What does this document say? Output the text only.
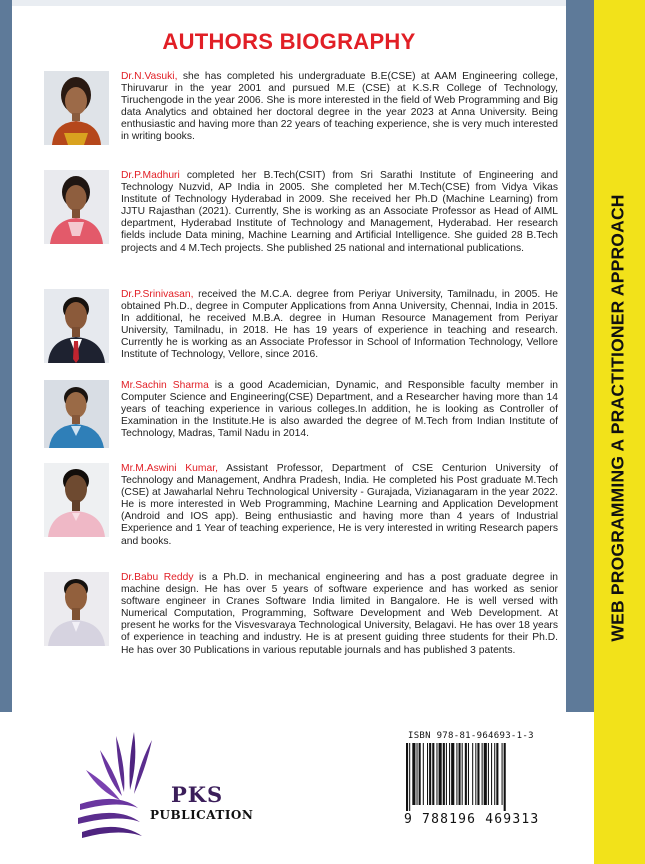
WEB PROGRAMMING A PRACTITIONER APPROACH
AUTHORS BIOGRAPHY
Dr.N.Vasuki, she has completed his undergraduate B.E(CSE) at AAM Engineering college, Thiruvarur in the year 2001 and pursued M.E (CSE) at K.S.R College of Technology, Tiruchengode in the year 2006. She is more interested in the field of Web Programming and Big data Analytics and obtained her doctoral degree in the year 2023 at Anna University. Being enthusiastic and having more than 22 years of teaching experience, she is very much interested in writing books.
Dr.P.Madhuri completed her B.Tech(CSIT) from Sri Sarathi Institute of Engineering and Technology Nuzvid, AP India in 2005. She completed her M.Tech(CSE) from Vidya Vikas Institute of Technology Hyderabad in 2009. She received her Ph.D (Machine Learning) from JJTU Rajasthan (2021). Currently, She is working as an Associate Professor as Head of AIML department, Hyderabad Institute of Technology and Management, Hyderabad. Her research fields include Data mining, Machine Learning and Artificial Intelligence. She guided 28 B.Tech projects and 4 M.Tech projects. She published 25 national and international publications.
Dr.P.Srinivasan, received the M.C.A. degree from Periyar University, Tamilnadu, in 2005. He obtained Ph.D., degree in Computer Applications from Anna University, Chennai, India in 2015. In additional, he received M.B.A. degree in Human Resource Management from Periyar University, Tamilnadu, in 2018. He has 19 years of experience in teaching and research. Currently he is working as an Associate Professor in School of Information Technology, Vellore Institute of Technology, Vellore, since 2016.
Mr.Sachin Sharma is a good Academician, Dynamic, and Responsible faculty member in Computer Science and Engineering(CSE) Department, and a Researcher having more than 14 years of teaching experience in various colleges.In addition, he is looking as Controller of Examination in the Institute.He is also awarded the degree of M.Tech from Indian Institute of Technology, Madras, Tamil Nadu in 2014.
Mr.M.Aswini Kumar, Assistant Professor, Department of CSE Centurion University of Technology and Management, Andhra Pradesh, India. He completed his Post graduate M.Tech (CSE) at Jawaharlal Nehru Technological University - Gurajada, Vizianagaram in the year 2022. He is more interested in Web Programming, Machine Learning and Application Development (Android and IOS app). Being enthusiastic and having more than 4 years of Industrial Experience and 1 Year of teaching experience, He is very interested in writing Research papers and books.
Dr.Babu Reddy is a Ph.D. in mechanical engineering and has a post graduate degree in machine design. He has over 5 years of software experience and has worked as senior software engineer in Cranes Software India limited in Bangalore. He is well versed with Numerical Computation, Programming, Software Development and Web Development. At present he works for the Visvesvaraya Technological University, Belagavi. He has over 18 years of experience in teaching and industry. He is at present guiding three students for their Ph.D. He has over 30 Publications in various reputable journals and has published 3 patents.
PKS
PUBLICATION
ISBN 978-81-964693-1-3
9 788196 469313
